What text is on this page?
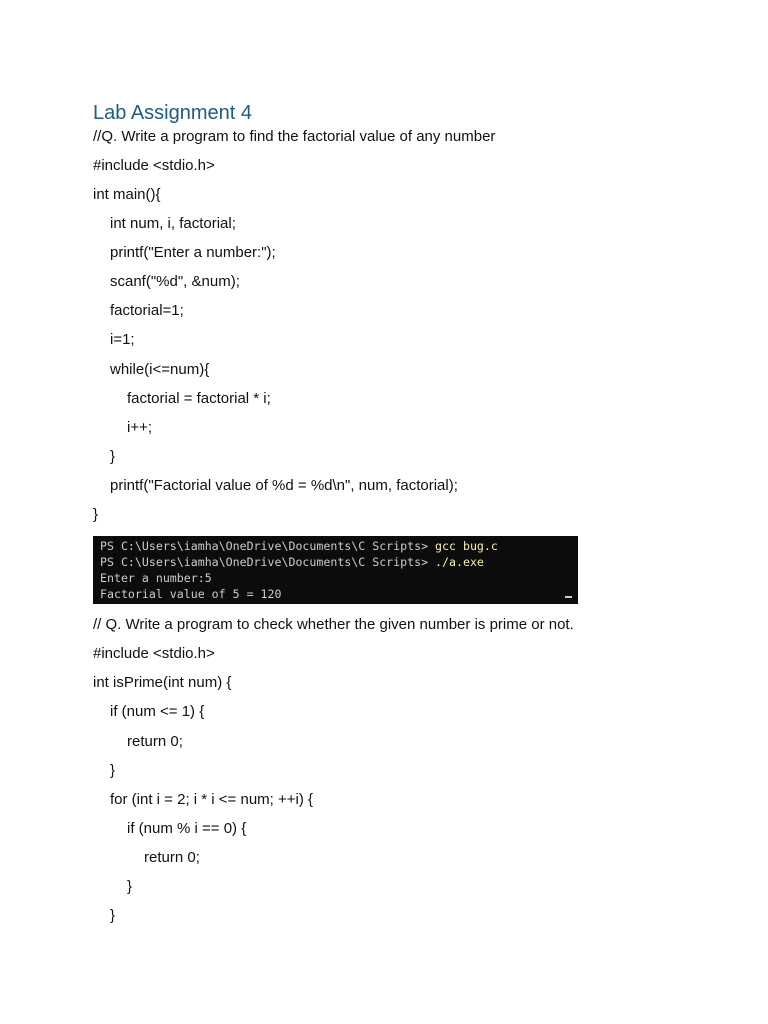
Lab Assignment 4
//Q. Write a program to find the factorial value of any number
#include <stdio.h>
int main(){
int num, i, factorial;
printf("Enter a number:");
scanf("%d", &num);
factorial=1;
i=1;
while(i<=num){
factorial = factorial * i;
i++;
}
printf("Factorial value of %d = %d\n", num, factorial);
}
PS C:\Users\iamha\OneDrive\Documents\C Scripts> gcc bug.c
PS C:\Users\iamha\OneDrive\Documents\C Scripts> ./a.exe
Enter a number:5
Factorial value of 5 = 120
// Q. Write a program to check whether the given number is prime or not.
#include <stdio.h>
int isPrime(int num) {
if (num <= 1) {
return 0;
}
for (int i = 2; i * i <= num; ++i) {
if (num % i == 0) {
return 0;
}
}
